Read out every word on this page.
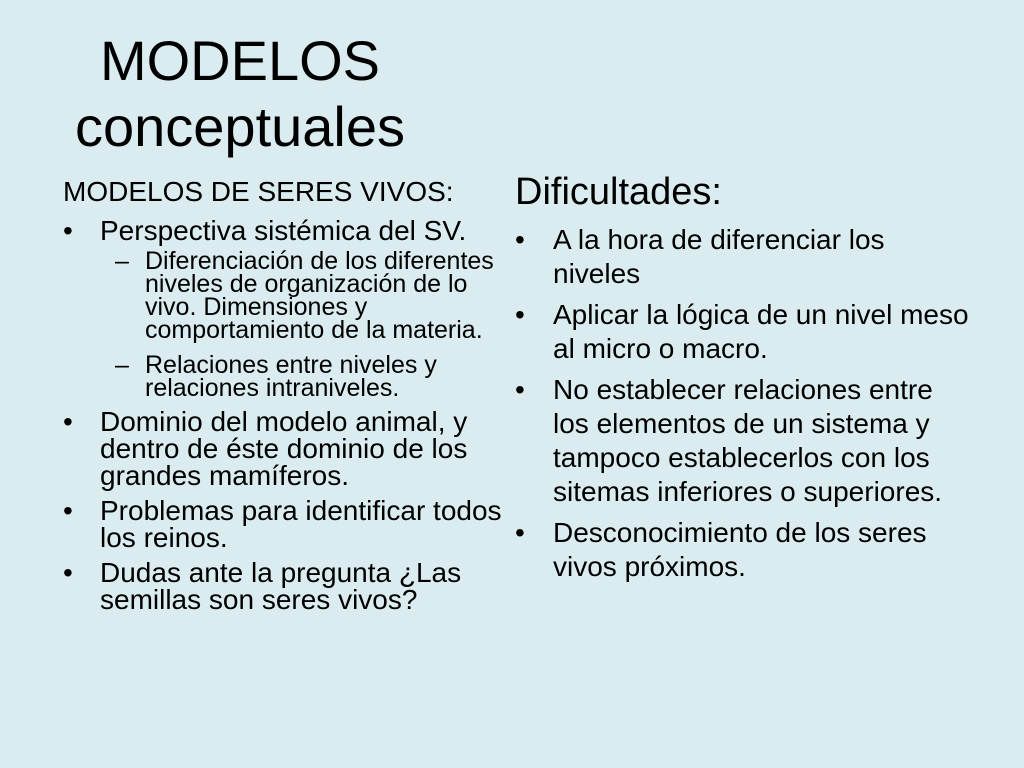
MODELOS
conceptuales
MODELOS DE SERES VIVOS:
• Perspectiva sistémica del SV.
– Diferenciación de los diferentes niveles de organización de lo vivo. Dimensiones y comportamiento de la materia.
– Relaciones entre niveles y relaciones intraniveles.
• Dominio del modelo animal, y dentro de éste dominio de los grandes mamíferos.
• Problemas para identificar todos los reinos.
• Dudas ante la pregunta ¿Las semillas son seres vivos?
Dificultades:
• A la hora de diferenciar los niveles
• Aplicar la lógica de un nivel meso al micro o macro.
• No establecer relaciones entre los elementos de un sistema y tampoco establecerlos con los sitemas inferiores o superiores.
• Desconocimiento de los seres vivos próximos.
